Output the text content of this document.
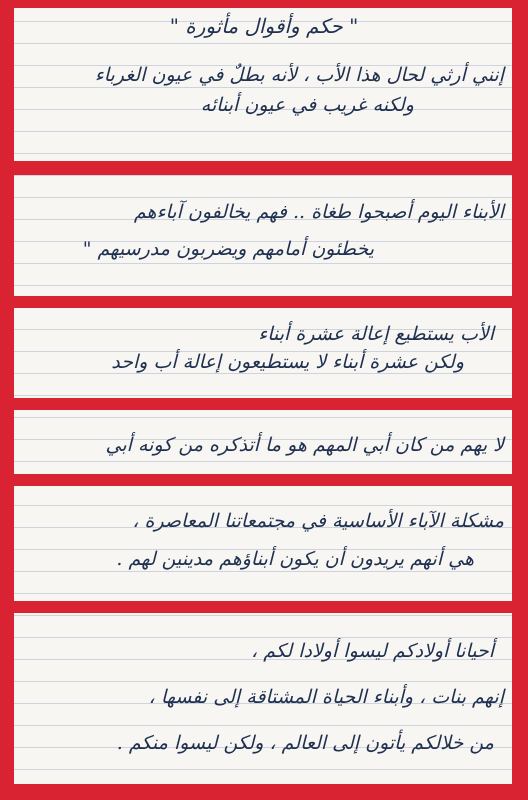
" حكم وأقوال مأثورة "
إنني أرثي لحال هذا الأب ، لأنه بطلٌ في عيون الغرباء
ولكنه غريب في عيون أبنائه
الأبناء اليوم أصبحوا طغاة .. فهم يخالفون آباءهم
يخطئون أمامهم ويضربون مدرسيهم "
الأب يستطيع إعالة عشرة أبناء
ولكن عشرة أبناء لا يستطيعون إعالة أب واحد
لا يهم من كان أبي المهم هو ما أتذكره من كونه أبي
مشكلة الآباء الأساسية في مجتمعاتنا المعاصرة ،
هي أنهم يريدون أن يكون أبناؤهم مدينين لهم .
أحيانا أولادكم ليسوا أولادا لكم ،
إنهم بنات ، وأبناء الحياة المشتاقة إلى نفسها ،
من خلالكم يأتون إلى العالم ، ولكن ليسوا منكم .
